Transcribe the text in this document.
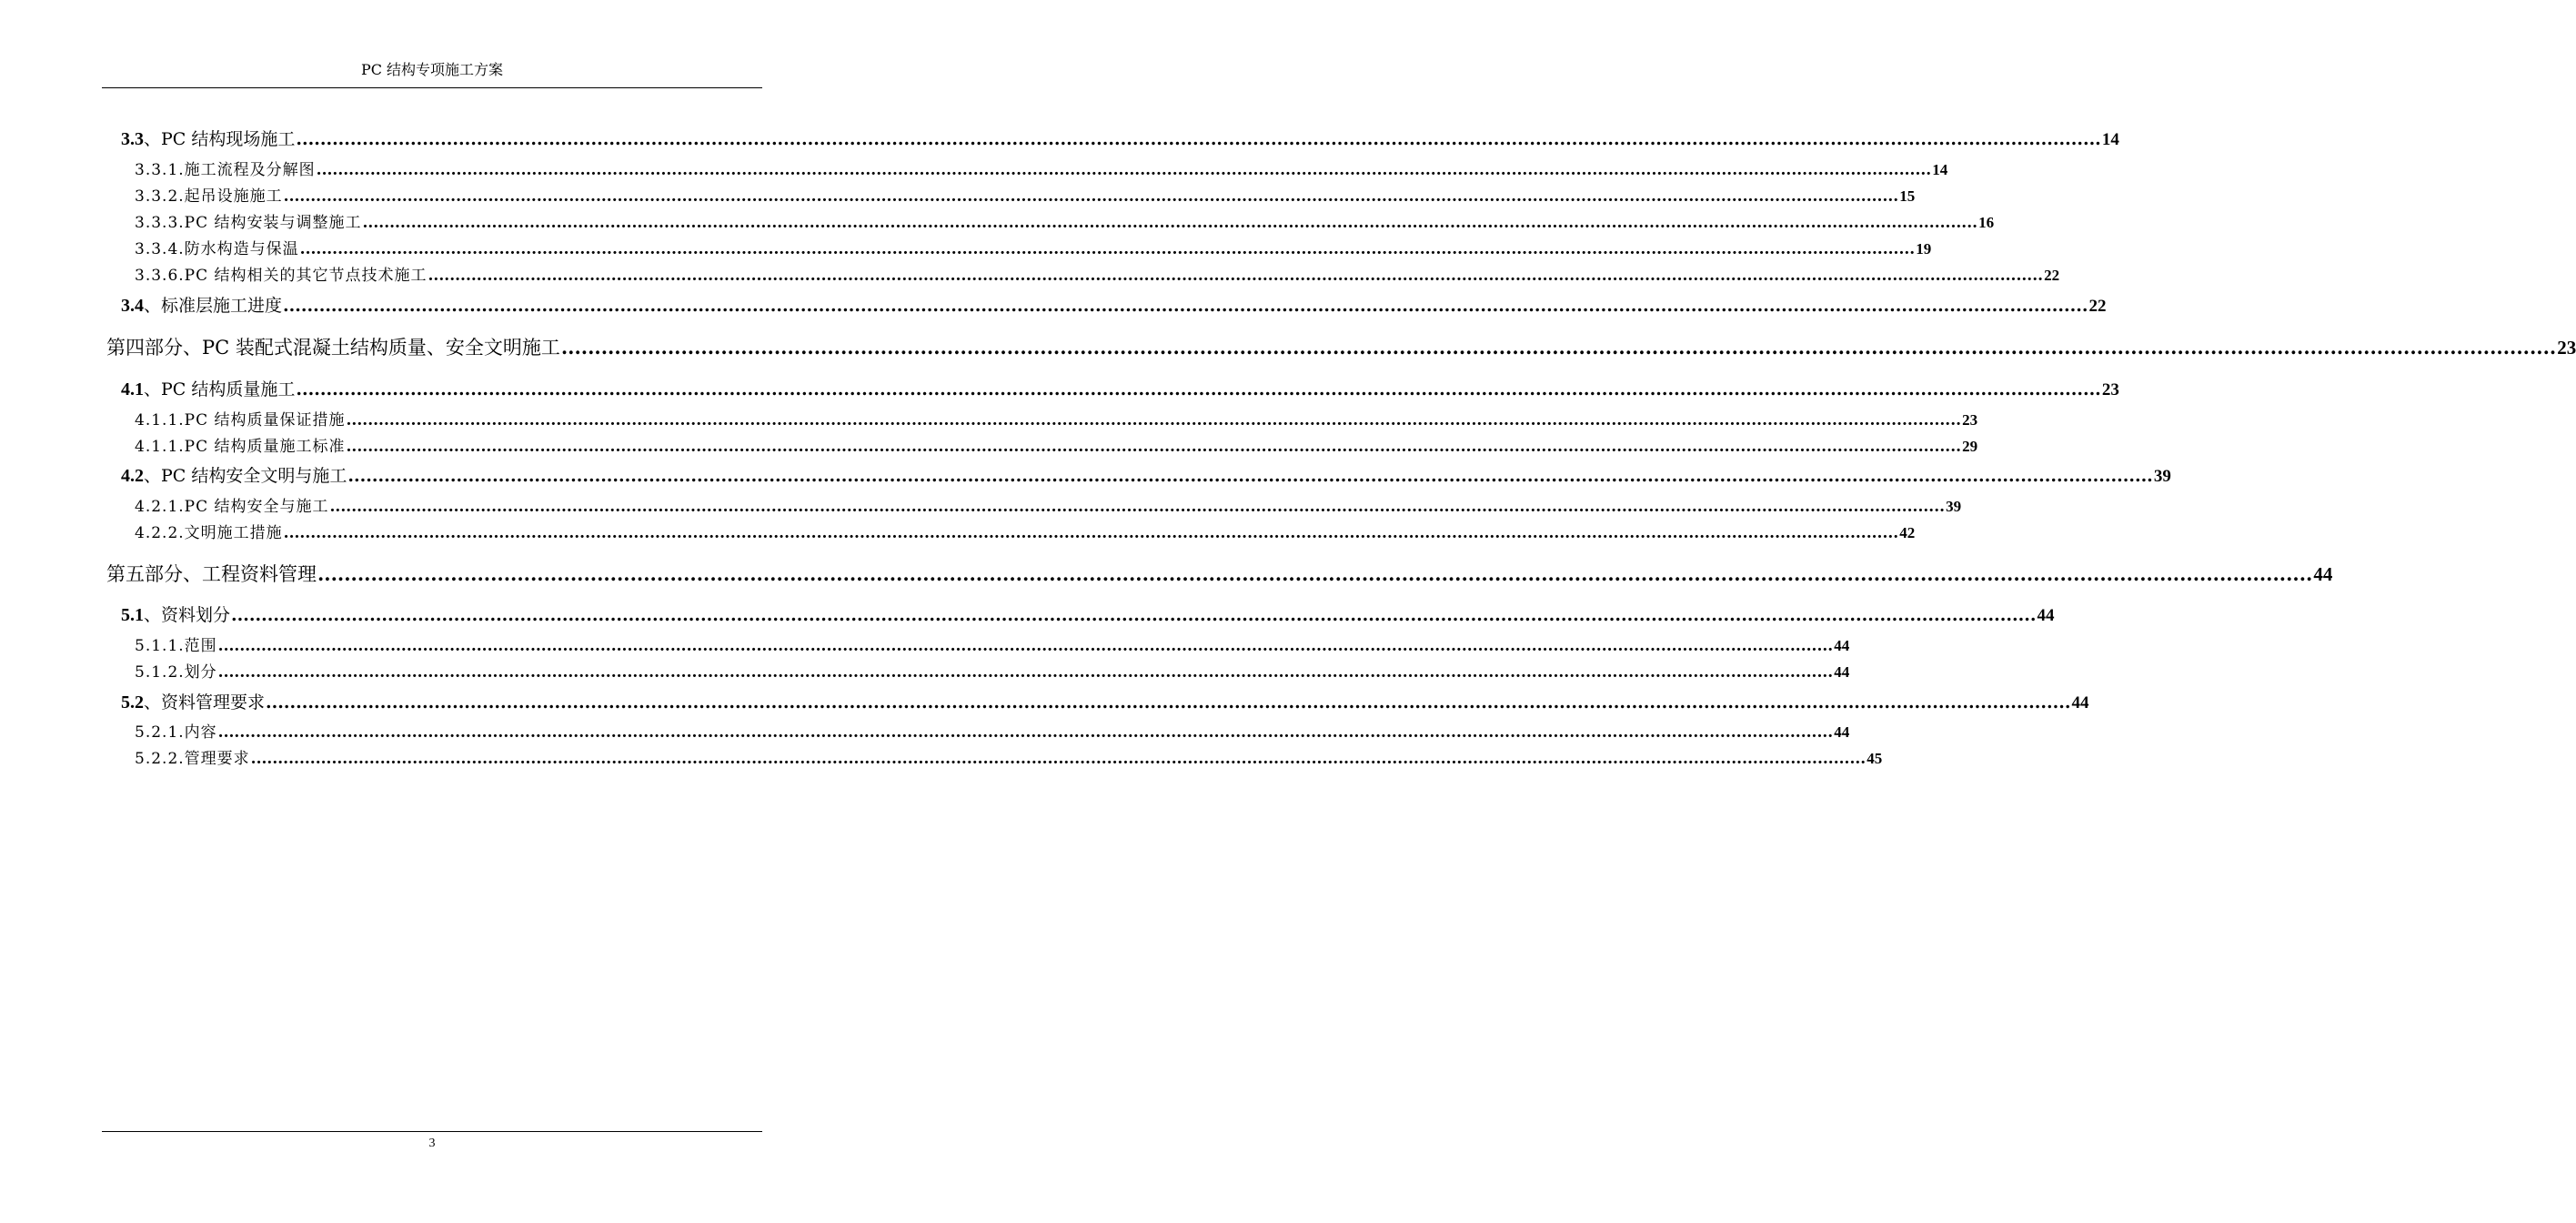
PC 结构专项施工方案
3.3、PC 结构现场施工 ............................................................................................................................................................................................................................................................................................................ 14
3.3.1.施工流程及分解图 ............................................................................................................................................................................................................................................................................................................ 14
3.3.2.起吊设施施工 ............................................................................................................................................................................................................................................................................................................ 15
3.3.3.PC 结构安装与调整施工 ............................................................................................................................................................................................................................................................................................................ 16
3.3.4.防水构造与保温 ............................................................................................................................................................................................................................................................................................................ 19
3.3.6.PC 结构相关的其它节点技术施工 ............................................................................................................................................................................................................................................................................................................ 22
3.4、标准层施工进度 ............................................................................................................................................................................................................................................................................................................ 22
第四部分、PC 装配式混凝土结构质量、安全文明施工 ............................................................................................................................................................................................................................................................................................................ 23
4.1、PC 结构质量施工 ............................................................................................................................................................................................................................................................................................................ 23
4.1.1.PC 结构质量保证措施 ............................................................................................................................................................................................................................................................................................................ 23
4.1.1.PC 结构质量施工标准 ............................................................................................................................................................................................................................................................................................................ 29
4.2、PC 结构安全文明与施工 ............................................................................................................................................................................................................................................................................................................ 39
4.2.1.PC 结构安全与施工 ............................................................................................................................................................................................................................................................................................................ 39
4.2.2.文明施工措施 ............................................................................................................................................................................................................................................................................................................ 42
第五部分、工程资料管理 ............................................................................................................................................................................................................................................................................................................ 44
5.1、资料划分 ............................................................................................................................................................................................................................................................................................................ 44
5.1.1.范围 ............................................................................................................................................................................................................................................................................................................ 44
5.1.2.划分 ............................................................................................................................................................................................................................................................................................................ 44
5.2、资料管理要求 ............................................................................................................................................................................................................................................................................................................ 44
5.2.1.内容 ............................................................................................................................................................................................................................................................................................................ 44
5.2.2.管理要求 ............................................................................................................................................................................................................................................................................................................ 45
3
